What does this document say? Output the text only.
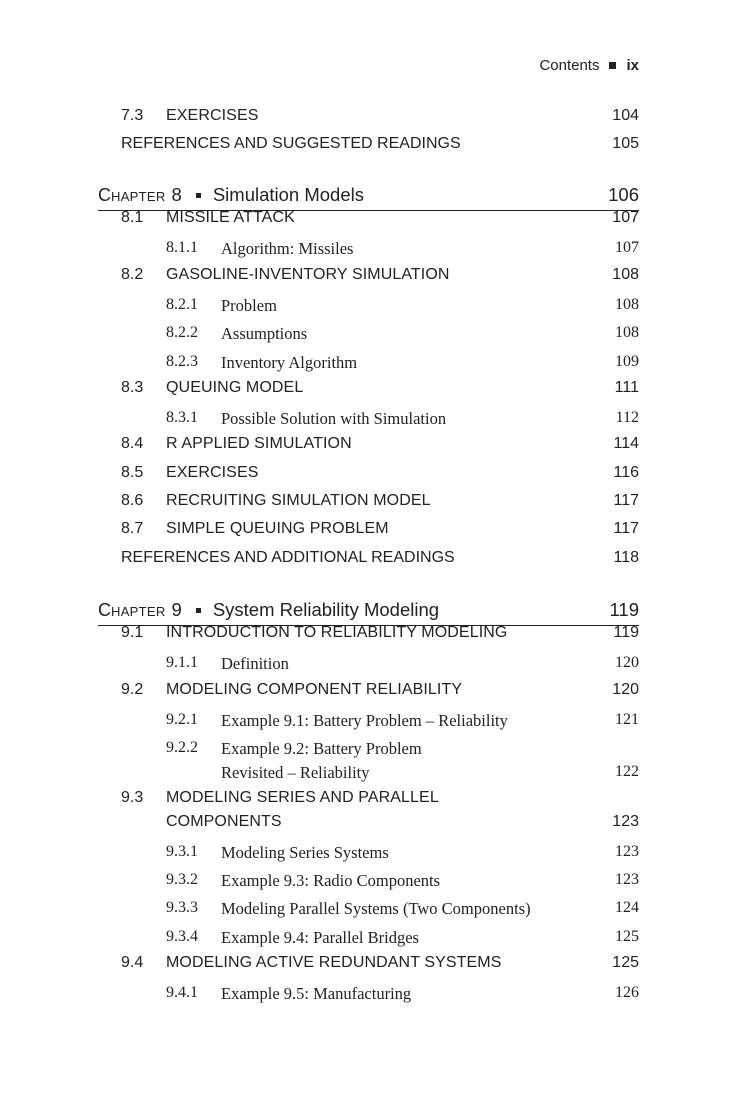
Contents ix
7.3 EXERCISES	104
REFERENCES AND SUGGESTED READINGS	105
C HAPTER 8 Simulation Models	106
8.1 MISSILE ATTACK	107
8.1.1 Algorithm: Missiles	107
8.2 GASOLINE-INVENTORY SIMULATION	108
8.2.1 Problem	108
8.2.2 Assumptions	108
8.2.3 Inventory Algorithm	109
8.3 QUEUING MODEL	111
8.3.1 Possible Solution with Simulation	112
8.4 R APPLIED SIMULATION	114
8.5 EXERCISES	116
8.6 RECRUITING SIMULATION MODEL	117
8.7 SIMPLE QUEUING PROBLEM	117
REFERENCES AND ADDITIONAL READINGS	118
C HAPTER 9 System Reliability Modeling	119
9.1 INTRODUCTION TO RELIABILITY MODELING	119
9.1.1 Definition	120
9.2 MODELING COMPONENT RELIABILITY	120
9.2.1 Example 9.1: Battery Problem – Reliability	121
9.2.2 Example 9.2: Battery Problem
Revisited – Reliability	122
9.3 MODELING SERIES AND PARALLEL
COMPONENTS	123
9.3.1 Modeling Series Systems	123
9.3.2 Example 9.3: Radio Components	123
9.3.3 Modeling Parallel Systems (Two Components)	124
9.3.4 Example 9.4: Parallel Bridges	125
9.4 MODELING ACTIVE REDUNDANT SYSTEMS	125
9.4.1 Example 9.5: Manufacturing	126
